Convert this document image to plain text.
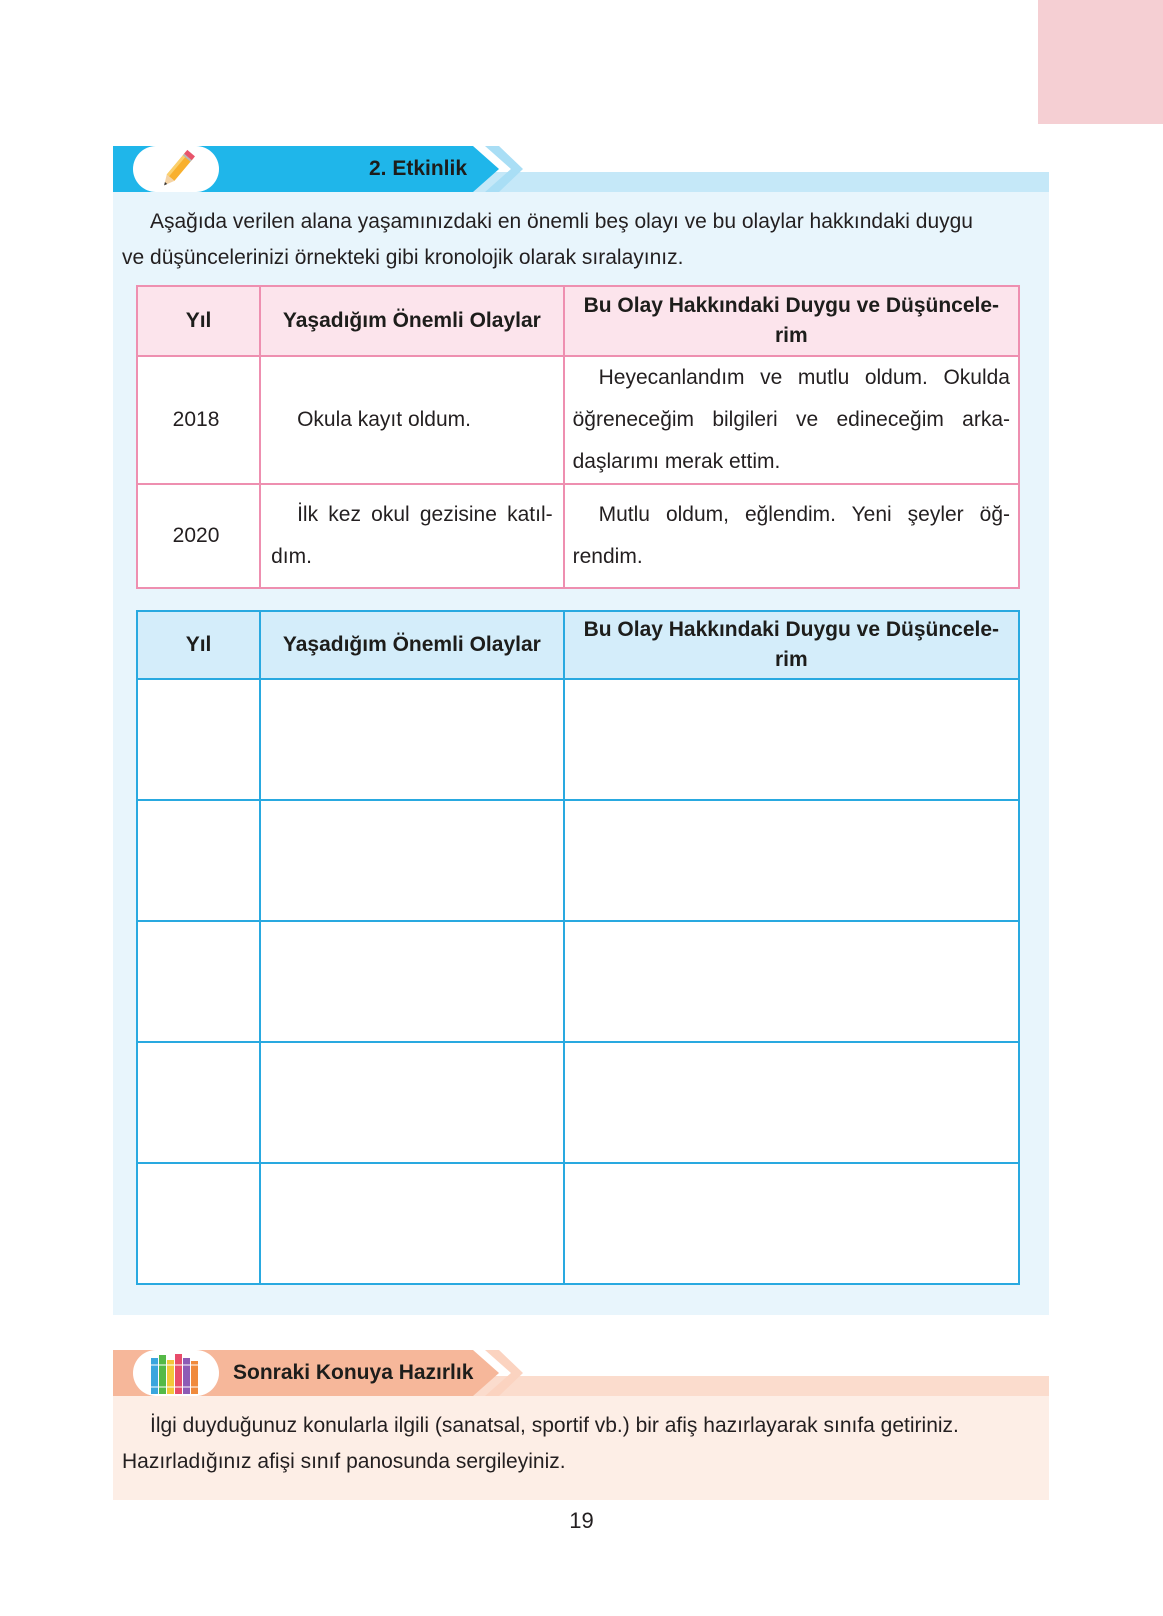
2. Etkinlik
Aşağıda verilen alana yaşamınızdaki en önemli beş olayı ve bu olaylar hakkındaki duygu
ve düşüncelerinizi örnekteki gibi kronolojik olarak sıralayınız.
Yıl	Yaşadığım Önemli Olaylar	Bu Olay Hakkındaki Duygu ve Düşüncele-rim
2018	Okula kayıt oldum.	Heyecanlandım ve mutlu oldum. Okulda öğreneceğim bilgileri ve edineceğim arka-daşlarımı merak ettim.
2020	İlk kez okul gezisine katıl-dım.	Mutlu oldum, eğlendim. Yeni şeyler öğ-rendim.
Yıl	Yaşadığım Önemli Olaylar	Bu Olay Hakkındaki Duygu ve Düşüncele-rim

Sonraki Konuya Hazırlık
İlgi duyduğunuz konularla ilgili (sanatsal, sportif vb.) bir afiş hazırlayarak sınıfa getiriniz.
Hazırladığınız afişi sınıf panosunda sergileyiniz.
19
